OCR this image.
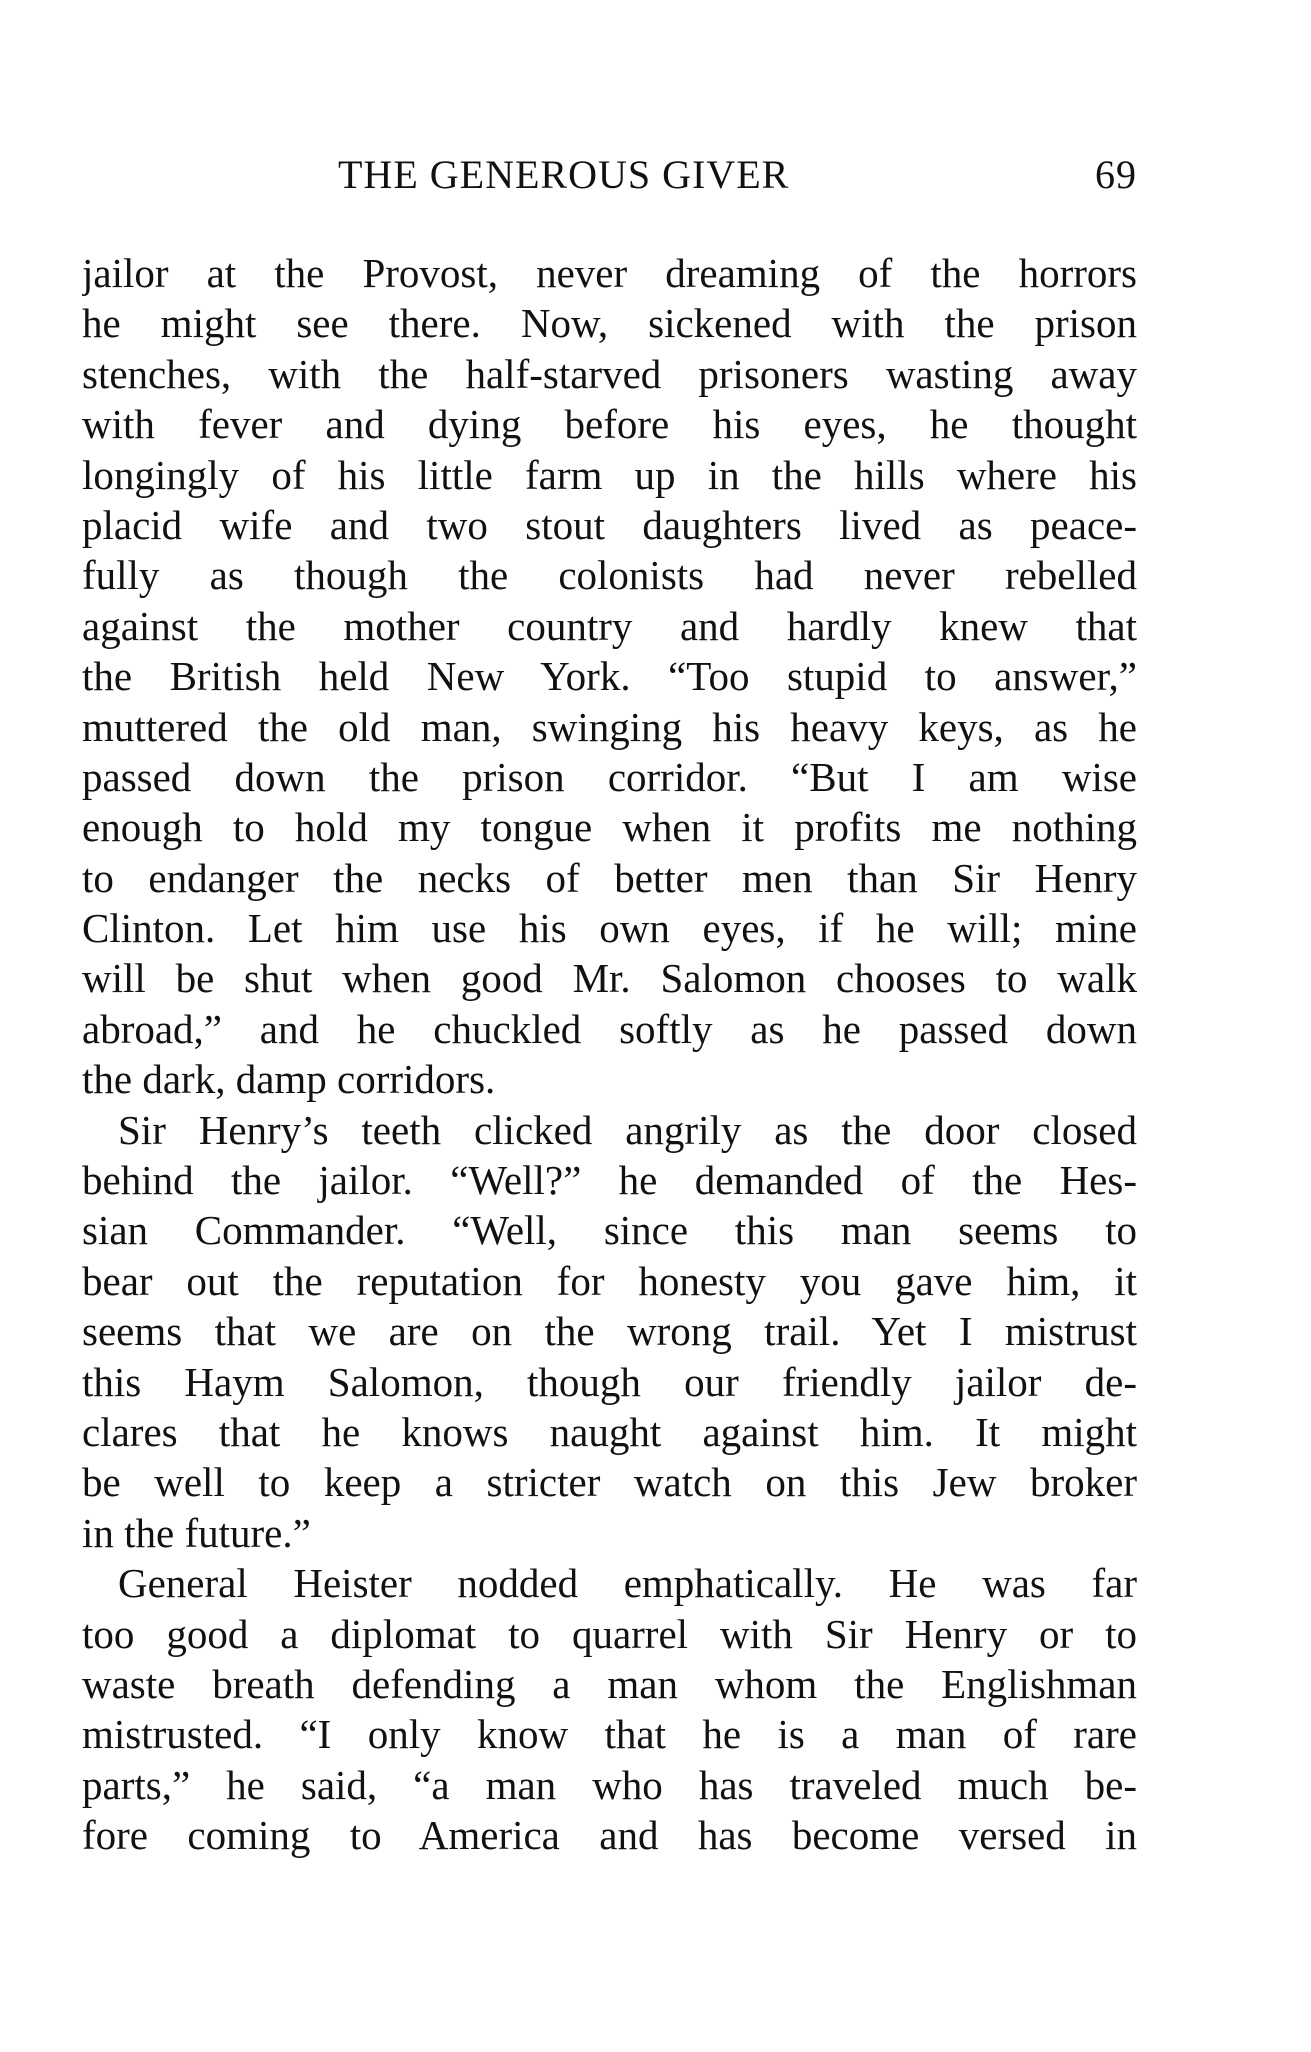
THE GENEROUS GIVER	69
jailor at the Provost, never dreaming of the horrors
he might see there. Now, sickened with the prison
stenches, with the half-starved prisoners wasting away
with fever and dying before his eyes, he thought
longingly of his little farm up in the hills where his
placid wife and two stout daughters lived as peace-
fully as though the colonists had never rebelled
against the mother country and hardly knew that
the British held New York. “Too stupid to answer,”
muttered the old man, swinging his heavy keys, as he
passed down the prison corridor. “But I am wise
enough to hold my tongue when it profits me nothing
to endanger the necks of better men than Sir Henry
Clinton. Let him use his own eyes, if he will; mine
will be shut when good Mr. Salomon chooses to walk
abroad,” and he chuckled softly as he passed down
the dark, damp corridors.
Sir Henry’s teeth clicked angrily as the door closed
behind the jailor. “Well?” he demanded of the Hes-
sian Commander. “Well, since this man seems to
bear out the reputation for honesty you gave him, it
seems that we are on the wrong trail. Yet I mistrust
this Haym Salomon, though our friendly jailor de-
clares that he knows naught against him. It might
be well to keep a stricter watch on this Jew broker
in the future.”
General Heister nodded emphatically. He was far
too good a diplomat to quarrel with Sir Henry or to
waste breath defending a man whom the Englishman
mistrusted. “I only know that he is a man of rare
parts,” he said, “a man who has traveled much be-
fore coming to America and has become versed in
